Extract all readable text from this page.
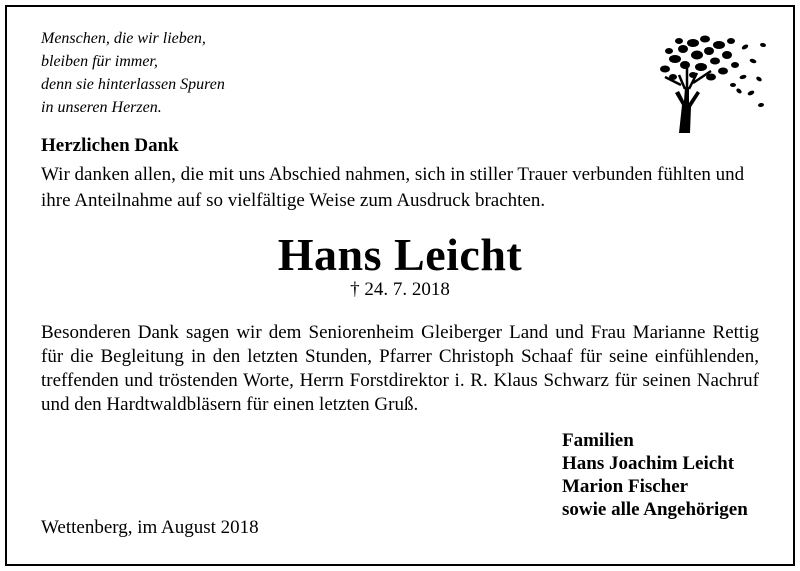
Menschen, die wir lieben,
bleiben für immer,
denn sie hinterlassen Spuren
in unseren Herzen.
Herzlichen Dank
Wir danken allen, die mit uns Abschied nahmen, sich in stiller Trauer verbunden fühlten und ihre Anteilnahme auf so vielfältige Weise zum Ausdruck brachten.
Hans Leicht
† 24. 7. 2018
Besonderen Dank sagen wir dem Seniorenheim Gleiberger Land und Frau Marianne Rettig für die Begleitung in den letzten Stunden, Pfarrer Christoph Schaaf für seine einfühlenden, treffenden und tröstenden Worte, Herrn Forstdirektor i. R. Klaus Schwarz für seinen Nachruf und den Hardtwaldbläsern für einen letzten Gruß.
Familien
Hans Joachim Leicht
Marion Fischer
sowie alle Angehörigen
Wettenberg, im August 2018
